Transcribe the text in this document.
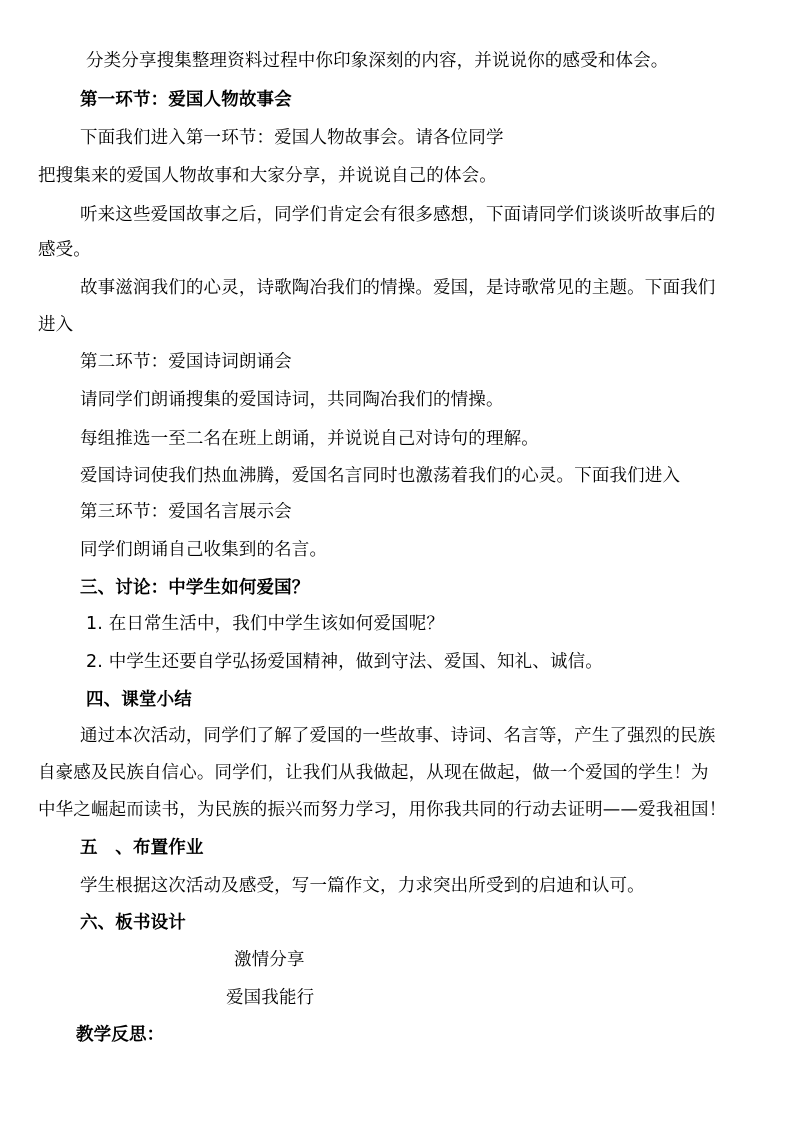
分类分享搜集整理资料过程中你印象深刻的内容，并说说你的感受和体会。
第一环节：爱国人物故事会
下面我们进入第一环节：爱国人物故事会。请各位同学
把搜集来的爱国人物故事和大家分享，并说说自己的体会。
听来这些爱国故事之后，同学们肯定会有很多感想，下面请同学们谈谈听故事后的
感受。
故事滋润我们的心灵，诗歌陶冶我们的情操。爱国，是诗歌常见的主题。下面我们
进入
第二环节：爱国诗词朗诵会
请同学们朗诵搜集的爱国诗词，共同陶冶我们的情操。
每组推选一至二名在班上朗诵，并说说自己对诗句的理解。
爱国诗词使我们热血沸腾，爱国名言同时也激荡着我们的心灵。下面我们进入
第三环节：爱国名言展示会
同学们朗诵自己收集到的名言。
三、讨论：中学生如何爱国？
1. 在日常生活中，我们中学生该如何爱国呢？
2. 中学生还要自学弘扬爱国精神，做到守法、爱国、知礼、诚信。
四、课堂小结
通过本次活动，同学们了解了爱国的一些故事、诗词、名言等，产生了强烈的民族
自豪感及民族自信心。同学们，让我们从我做起，从现在做起，做一个爱国的学生！为
中华之崛起而读书，为民族的振兴而努力学习，用你我共同的行动去证明——爱我祖国！
五　、布置作业
学生根据这次活动及感受，写一篇作文，力求突出所受到的启迪和认可。
六、板书设计
激情分享
爱国我能行
教学反思：
